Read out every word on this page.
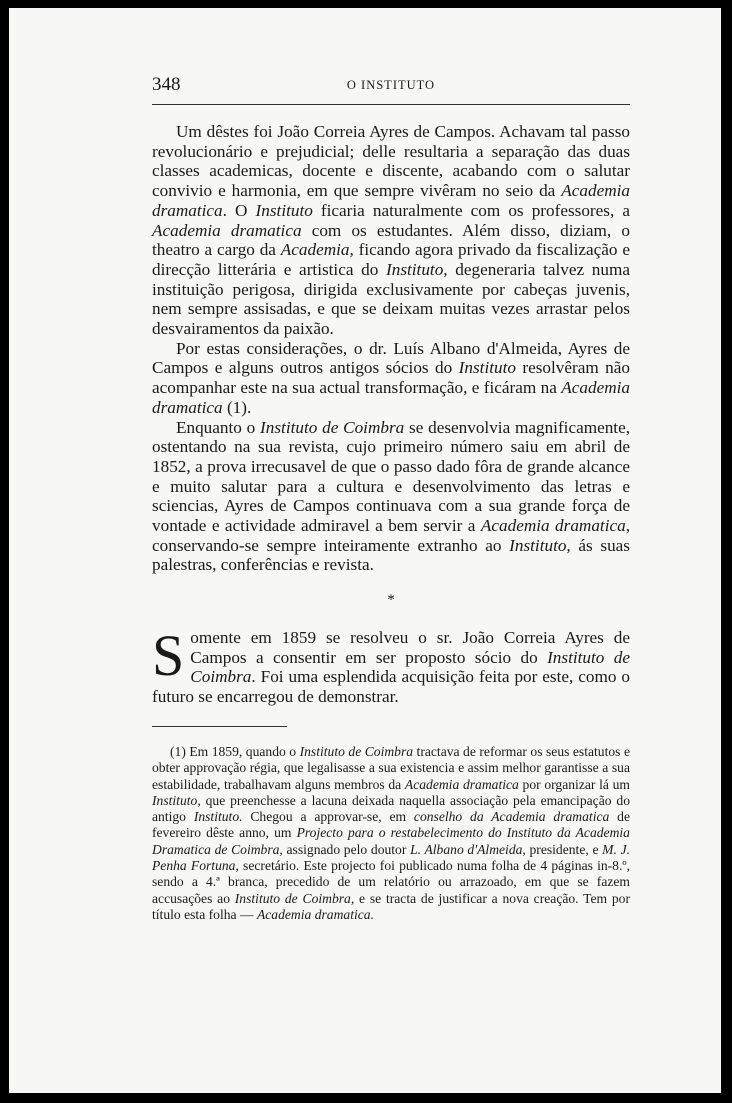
348	O INSTITUTO

Um dêstes foi João Correia Ayres de Campos. Achavam tal passo revolucionário e prejudicial; delle resultaria a separação das duas classes academicas, docente e discente, acabando com o salutar convivio e harmonia, em que sempre vivêram no seio da Academia dramatica. O Instituto ficaria naturalmente com os professores, a Academia dramatica com os estudantes. Além disso, diziam, o theatro a cargo da Academia, ficando agora privado da fiscalização e direcção litterária e artistica do Instituto, degeneraria talvez numa instituição perigosa, dirigida exclusivamente por cabeças juvenis, nem sempre assisadas, e que se deixam muitas vezes arrastar pelos desvairamentos da paixão.

Por estas considerações, o dr. Luís Albano d'Almeida, Ayres de Campos e alguns outros antigos sócios do Instituto resolvêram não acompanhar este na sua actual transformação, e ficáram na Academia dramatica (1).

Enquanto o Instituto de Coimbra se desenvolvia magnificamente, ostentando na sua revista, cujo primeiro número saiu em abril de 1852, a prova irrecusavel de que o passo dado fôra de grande alcance e muito salutar para a cultura e desenvolvimento das letras e sciencias, Ayres de Campos continuava com a sua grande força de vontade e actividade admiravel a bem servir a Academia dramatica, conservando-se sempre inteiramente extranho ao Instituto, ás suas palestras, conferências e revista.

*
Somente em 1859 se resolveu o sr. João Correia Ayres de Campos a consentir em ser proposto sócio do Instituto de Coimbra. Foi uma esplendida acquisição feita por este, como o futuro se encarregou de demonstrar.

(1) Em 1859, quando o Instituto de Coimbra tractava de reformar os seus estatutos e obter approvação régia, que legalisasse a sua existencia e assim melhor garantisse a sua estabilidade, trabalhavam alguns membros da Academia dramatica por organizar lá um Instituto, que preenchesse a lacuna deixada naquella associação pela emancipação do antigo Instituto. Chegou a approvar-se, em conselho da Academia dramatica de fevereiro dêste anno, um Projecto para o restabelecimento do Instituto da Academia Dramatica de Coimbra, assignado pelo doutor L. Albano d'Almeida, presidente, e M. J. Penha Fortuna, secretário. Este projecto foi publicado numa folha de 4 páginas in-8.º, sendo a 4.ª branca, precedido de um relatório ou arrazoado, em que se fazem accusações ao Instituto de Coimbra, e se tracta de justificar a nova creação. Tem por título esta folha — Academia dramatica.
